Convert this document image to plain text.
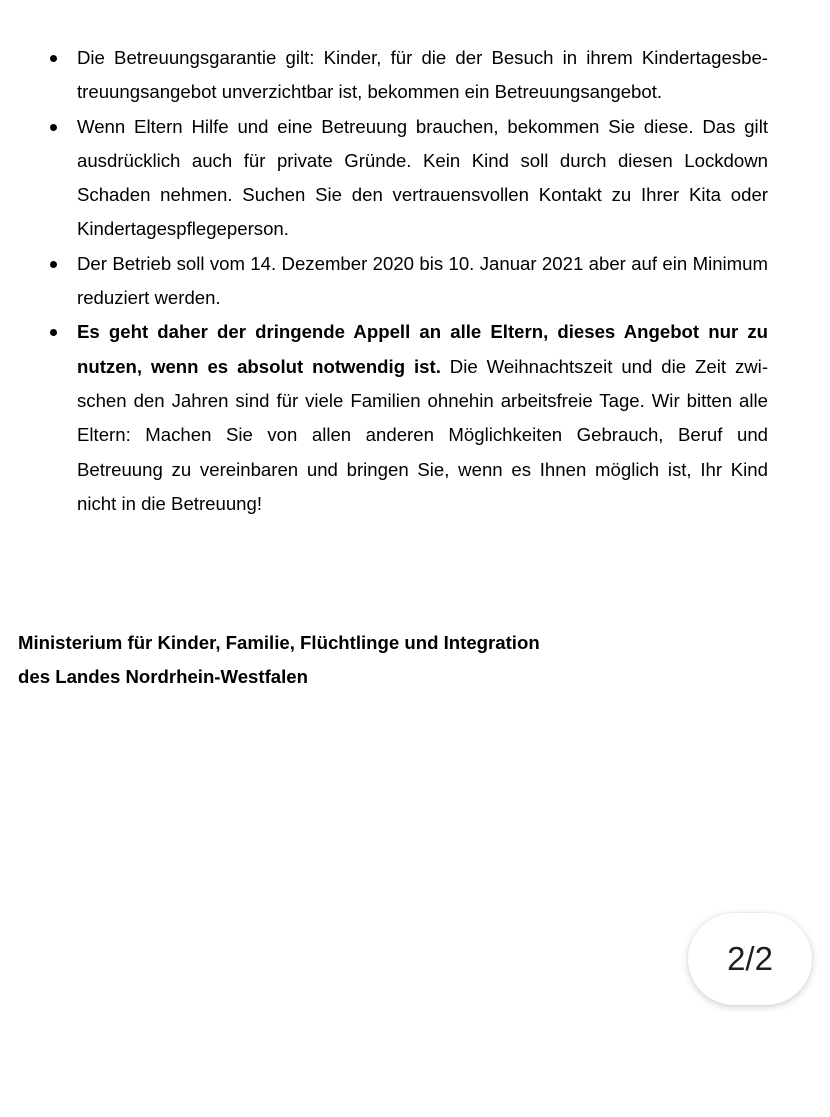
Die Betreuungsgarantie gilt: Kinder, für die der Besuch in ihrem Kindertagesbetreuungsangebot unverzichtbar ist, bekommen ein Betreuungsangebot.
Wenn Eltern Hilfe und eine Betreuung brauchen, bekommen Sie diese. Das gilt ausdrücklich auch für private Gründe. Kein Kind soll durch diesen Lockdown Schaden nehmen. Suchen Sie den vertrauensvollen Kontakt zu Ihrer Kita oder Kindertagespflegeperson.
Der Betrieb soll vom 14. Dezember 2020 bis 10. Januar 2021 aber auf ein Minimum reduziert werden.
Es geht daher der dringende Appell an alle Eltern, dieses Angebot nur zu nutzen, wenn es absolut notwendig ist. Die Weihnachtszeit und die Zeit zwischen den Jahren sind für viele Familien ohnehin arbeitsfreie Tage. Wir bitten alle Eltern: Machen Sie von allen anderen Möglichkeiten Gebrauch, Beruf und Betreuung zu vereinbaren und bringen Sie, wenn es Ihnen möglich ist, Ihr Kind nicht in die Betreuung!
Ministerium für Kinder, Familie, Flüchtlinge und Integration
des Landes Nordrhein-Westfalen
2/2
